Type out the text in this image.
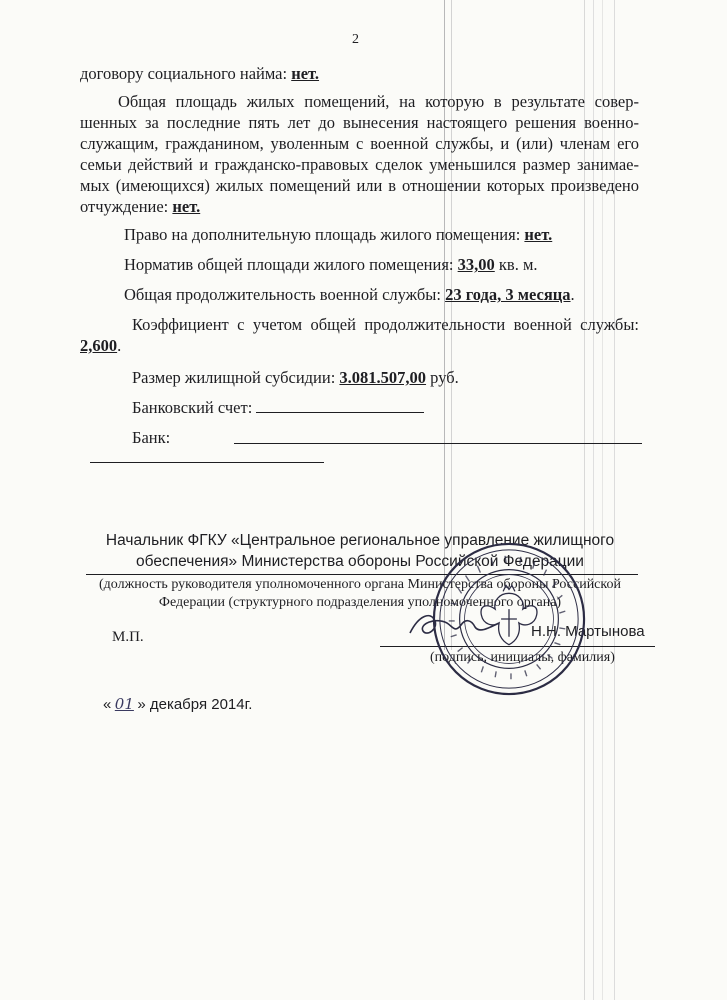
2
договору социального найма: нет.
Общая площадь жилых помещений, на которую в результате совер-
шенных за последние пять лет до вынесения настоящего решения военно-
служащим, гражданином, уволенным с военной службы, и (или) членам его
семьи действий и гражданско-правовых сделок уменьшился размер занимае-
мых (имеющихся) жилых помещений или в отношении которых произведено
отчуждение: нет.
Право на дополнительную площадь жилого помещения: нет.
Норматив общей площади жилого помещения: 33,00 кв. м.
Общая продолжительность военной службы: 23 года, 3 месяца.
Коэффициент с учетом общей продолжительности военной службы:
2,600.
Размер жилищной субсидии: 3.081.507,00 руб.
Банковский счет:
Банк:
Начальник ФГКУ «Центральное региональное управление жилищного
обеспечения» Министерства обороны Российской Федерации
(должность руководителя уполномоченного органа Министерства обороны Российской
Федерации (структурного подразделения уполномоченного органа)
М.П.	Н.Н. Мартынова
(подпись, инициалы, фамилия)
« 01 » декабря 2014г.
